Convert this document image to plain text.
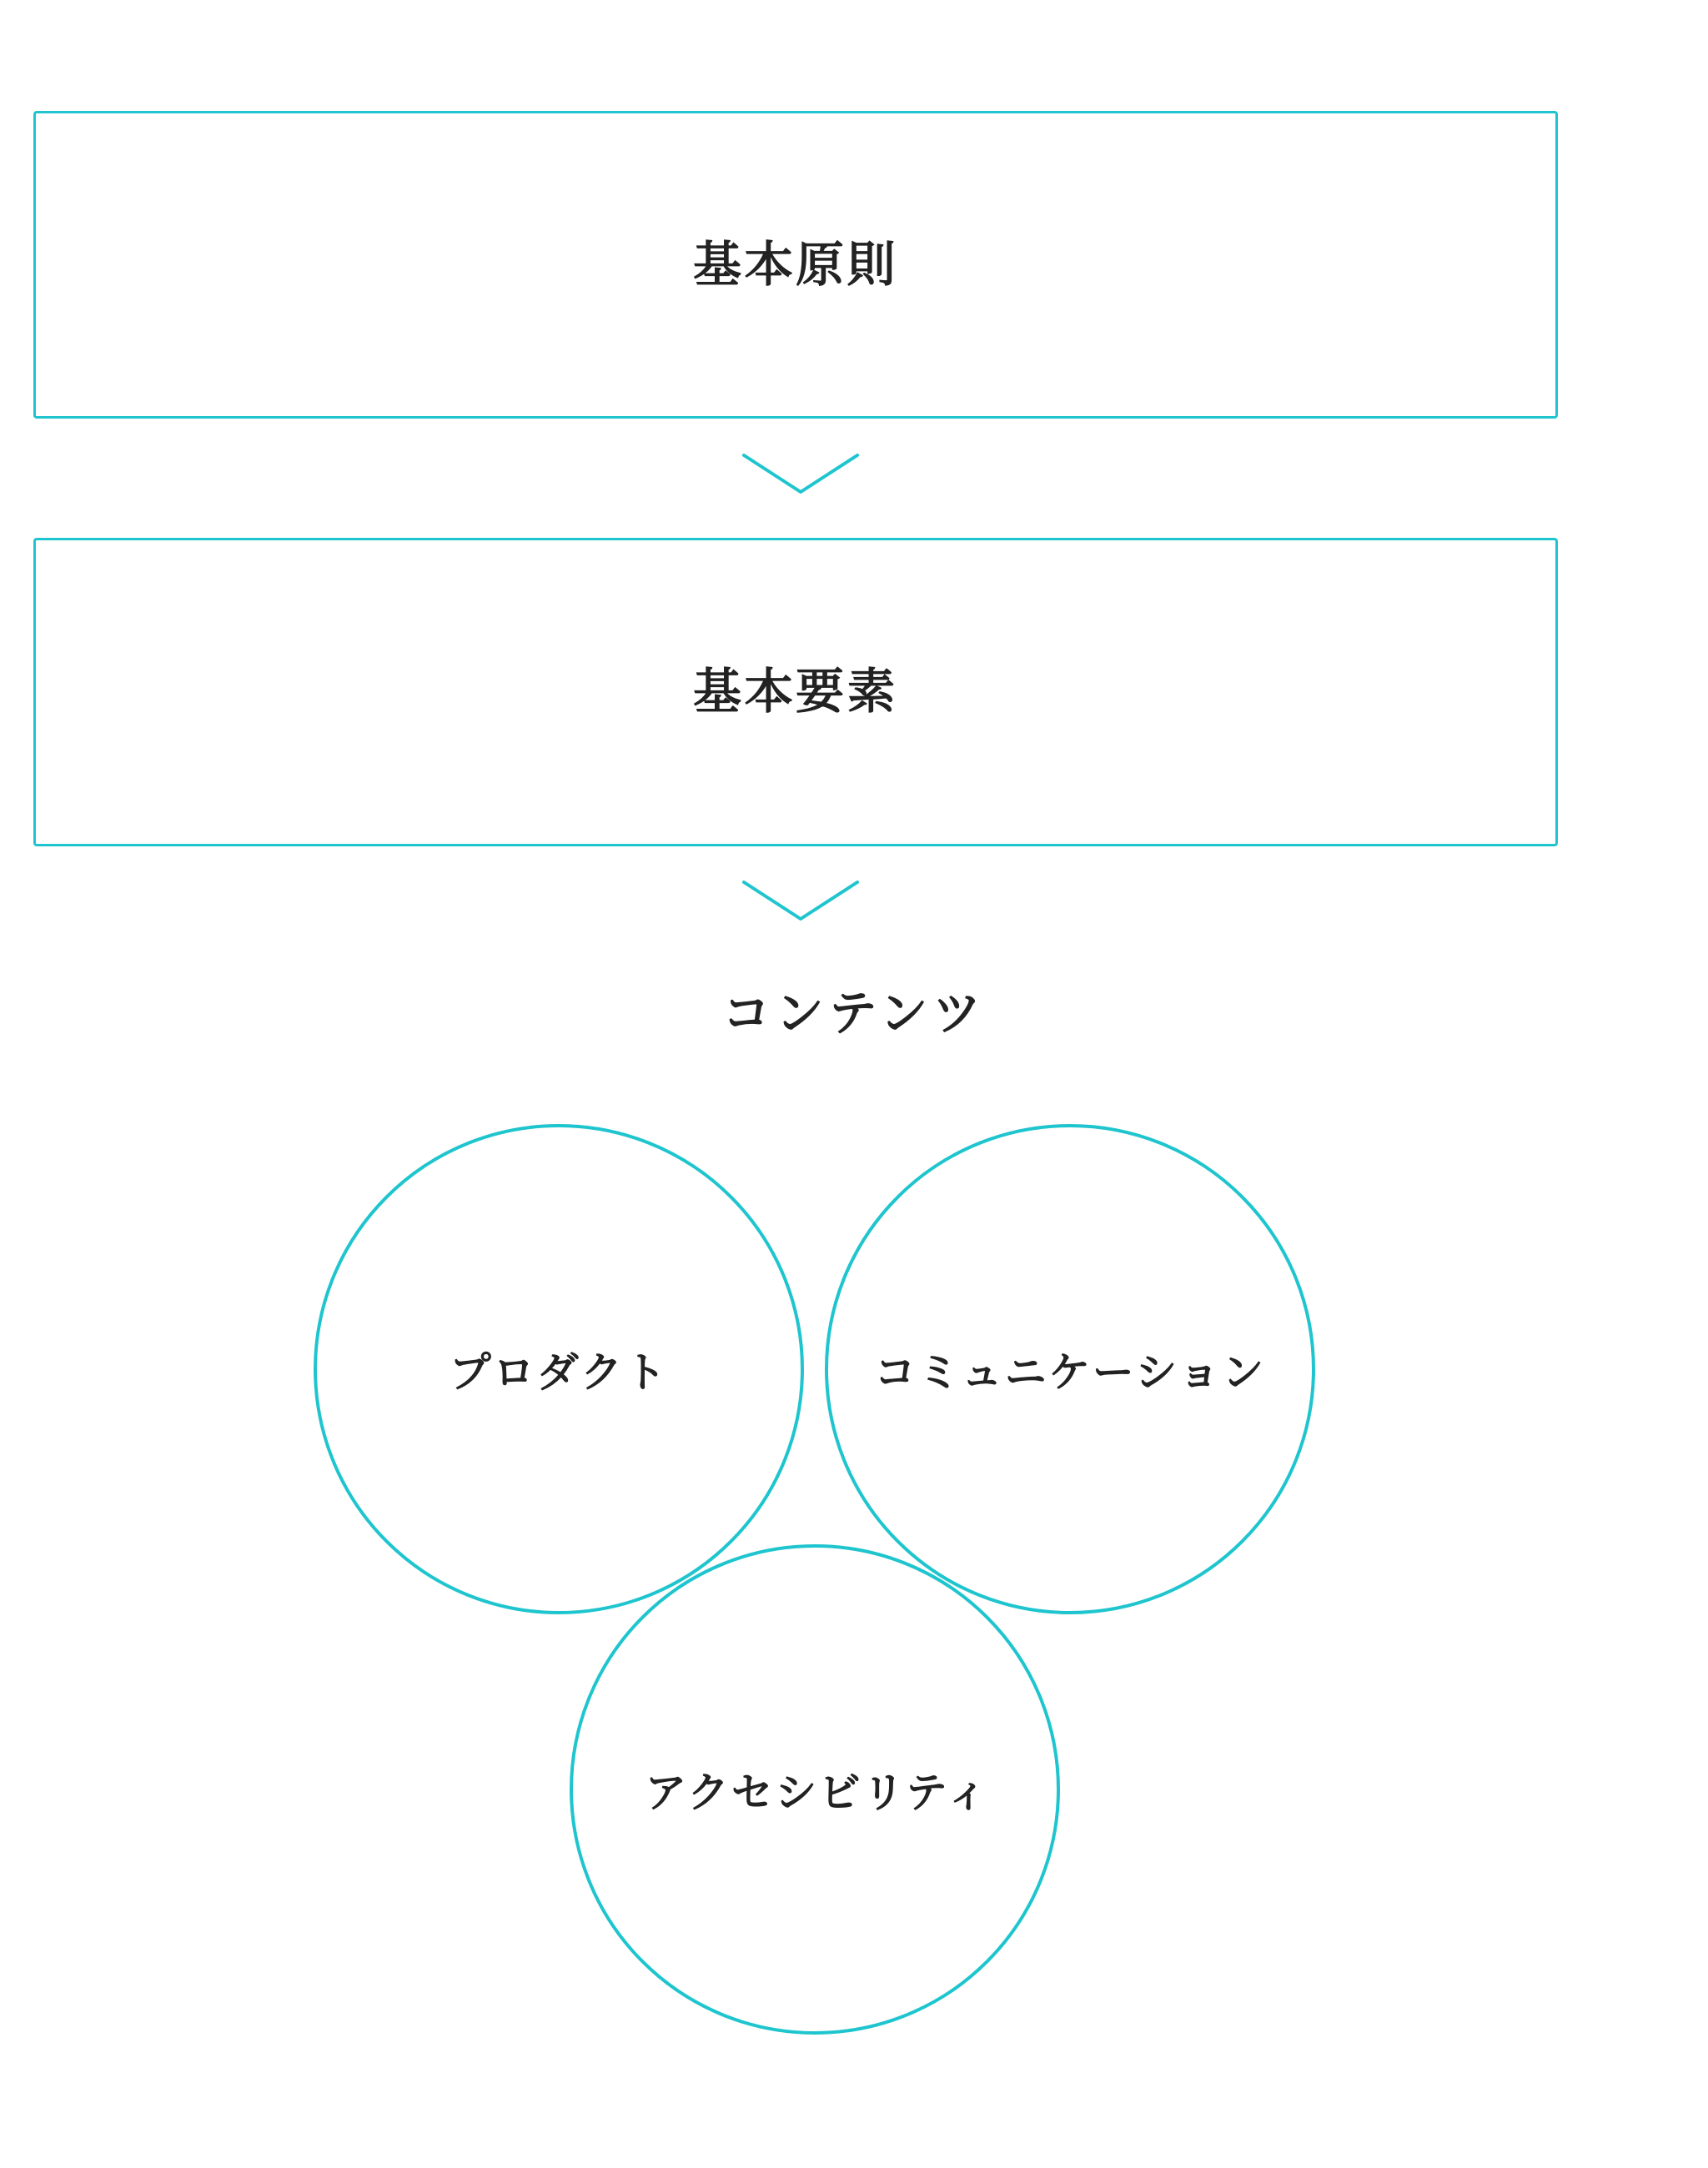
基本原則
基本要素
コンテンツ
プロダクト	コミュニケーション
アクセシビリティ
